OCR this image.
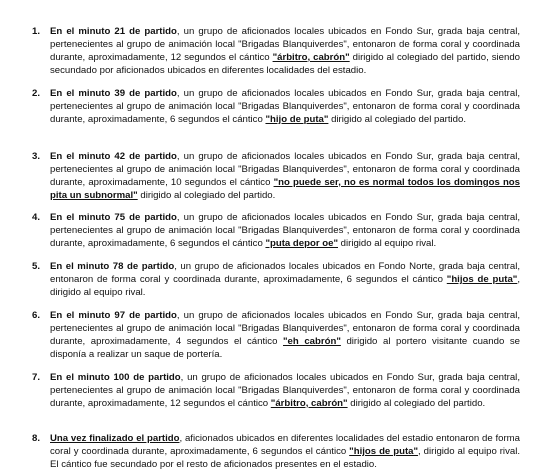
1.	En el minuto 21 de partido, un grupo de aficionados locales ubicados en Fondo Sur, grada baja central, pertenecientes al grupo de animación local "Brigadas Blanquiverdes", entonaron de forma coral y coordinada durante, aproximadamente, 12 segundos el cántico "árbitro, cabrón" dirigido al colegiado del partido, siendo secundado por aficionados ubicados en diferentes localidades del estadio.

2.	En el minuto 39 de partido, un grupo de aficionados locales ubicados en Fondo Sur, grada baja central, pertenecientes al grupo de animación local "Brigadas Blanquiverdes", entonaron de forma coral y coordinada durante, aproximadamente, 6 segundos el cántico "hijo de puta" dirigido al colegiado del partido.

3.	En el minuto 42 de partido, un grupo de aficionados locales ubicados en Fondo Sur, grada baja central, pertenecientes al grupo de animación local "Brigadas Blanquiverdes", entonaron de forma coral y coordinada durante, aproximadamente, 10 segundos el cántico "no puede ser, no es normal todos los domingos nos pita un subnormal" dirigido al colegiado del partido.

4.	En el minuto 75 de partido, un grupo de aficionados locales ubicados en Fondo Sur, grada baja central, pertenecientes al grupo de animación local "Brigadas Blanquiverdes", entonaron de forma coral y coordinada durante, aproximadamente, 6 segundos el cántico "puta depor oe" dirigido al equipo rival.

5.	En el minuto 78 de partido, un grupo de aficionados locales ubicados en Fondo Norte, grada baja central, entonaron de forma coral y coordinada durante, aproximadamente, 6 segundos el cántico "hijos de puta", dirigido al equipo rival.

6.	En el minuto 97 de partido, un grupo de aficionados locales ubicados en Fondo Sur, grada baja central, pertenecientes al grupo de animación local "Brigadas Blanquiverdes", entonaron de forma coral y coordinada durante, aproximadamente, 4 segundos el cántico "eh cabrón" dirigido al portero visitante cuando se disponía a realizar un saque de portería.

7.	En el minuto 100 de partido, un grupo de aficionados locales ubicados en Fondo Sur, grada baja central, pertenecientes al grupo de animación local "Brigadas Blanquiverdes", entonaron de forma coral y coordinada durante, aproximadamente, 12 segundos el cántico "árbitro, cabrón" dirigido al colegiado del partido.

8.	Una vez finalizado el partido, aficionados ubicados en diferentes localidades del estadio entonaron de forma coral y coordinada durante, aproximadamente, 6 segundos el cántico "hijos de puta", dirigido al equipo rival. El cántico fue secundado por el resto de aficionados presentes en el estadio.
